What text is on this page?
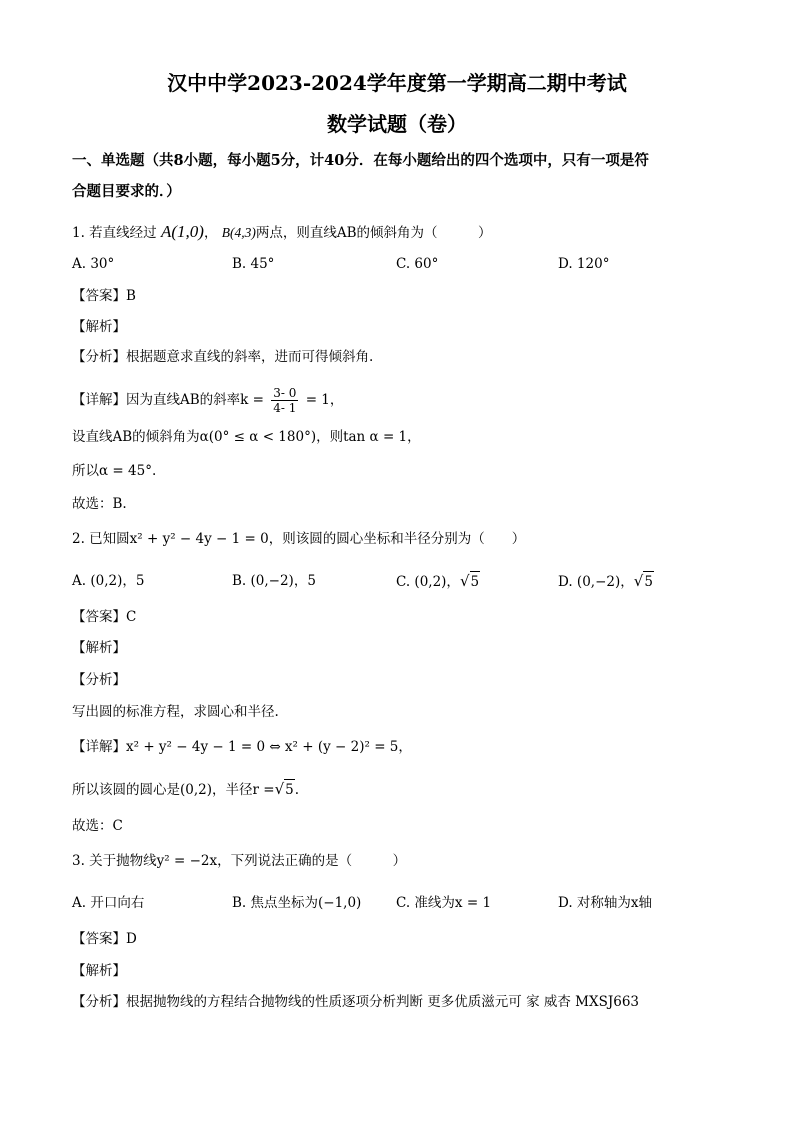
汉中中学2023-2024学年度第一学期高二期中考试
数学试题（卷）
一、单选题（共8小题，每小题5分，计40分．在每小题给出的四个选项中，只有一项是符
合题目要求的．）
1. 若直线经过 A(1,0)， B(4,3)两点，则直线AB的倾斜角为（　　　）
A. 30°	B. 45°	C. 60°	D. 120°
【答案】B
【解析】
【分析】根据题意求直线的斜率，进而可得倾斜角.
【详解】因为直线AB的斜率$k = \frac{3- 0}{4- 1} = 1$，
设直线AB的倾斜角为α(0° ≤ α < 180°)，则tan α = 1，
所以α = 45°.
故选：B.
2. 已知圆x² + y² − 4y − 1 = 0，则该圆的圆心坐标和半径分别为（　　）
A. (0,2)，5	B. (0,−2)，5	C. (0,2)，√5	D. (0,−2)，√5
【答案】C
【解析】
【分析】
写出圆的标准方程，求圆心和半径.
【详解】x² + y² − 4y − 1 = 0 ⇔ x² + (y − 2)² = 5，
所以该圆的圆心是(0,2)，半径r =√5.
故选：C
3. 关于抛物线y² = −2x，下列说法正确的是（　　　）
A. 开口向右	B. 焦点坐标为(−1,0)	C. 准线为x = 1	D. 对称轴为x轴
【答案】D
【解析】
【分析】根据抛物线的方程结合抛物线的性质逐项分析判断 更多优质滋元可 家 威杏 MXSJ663
